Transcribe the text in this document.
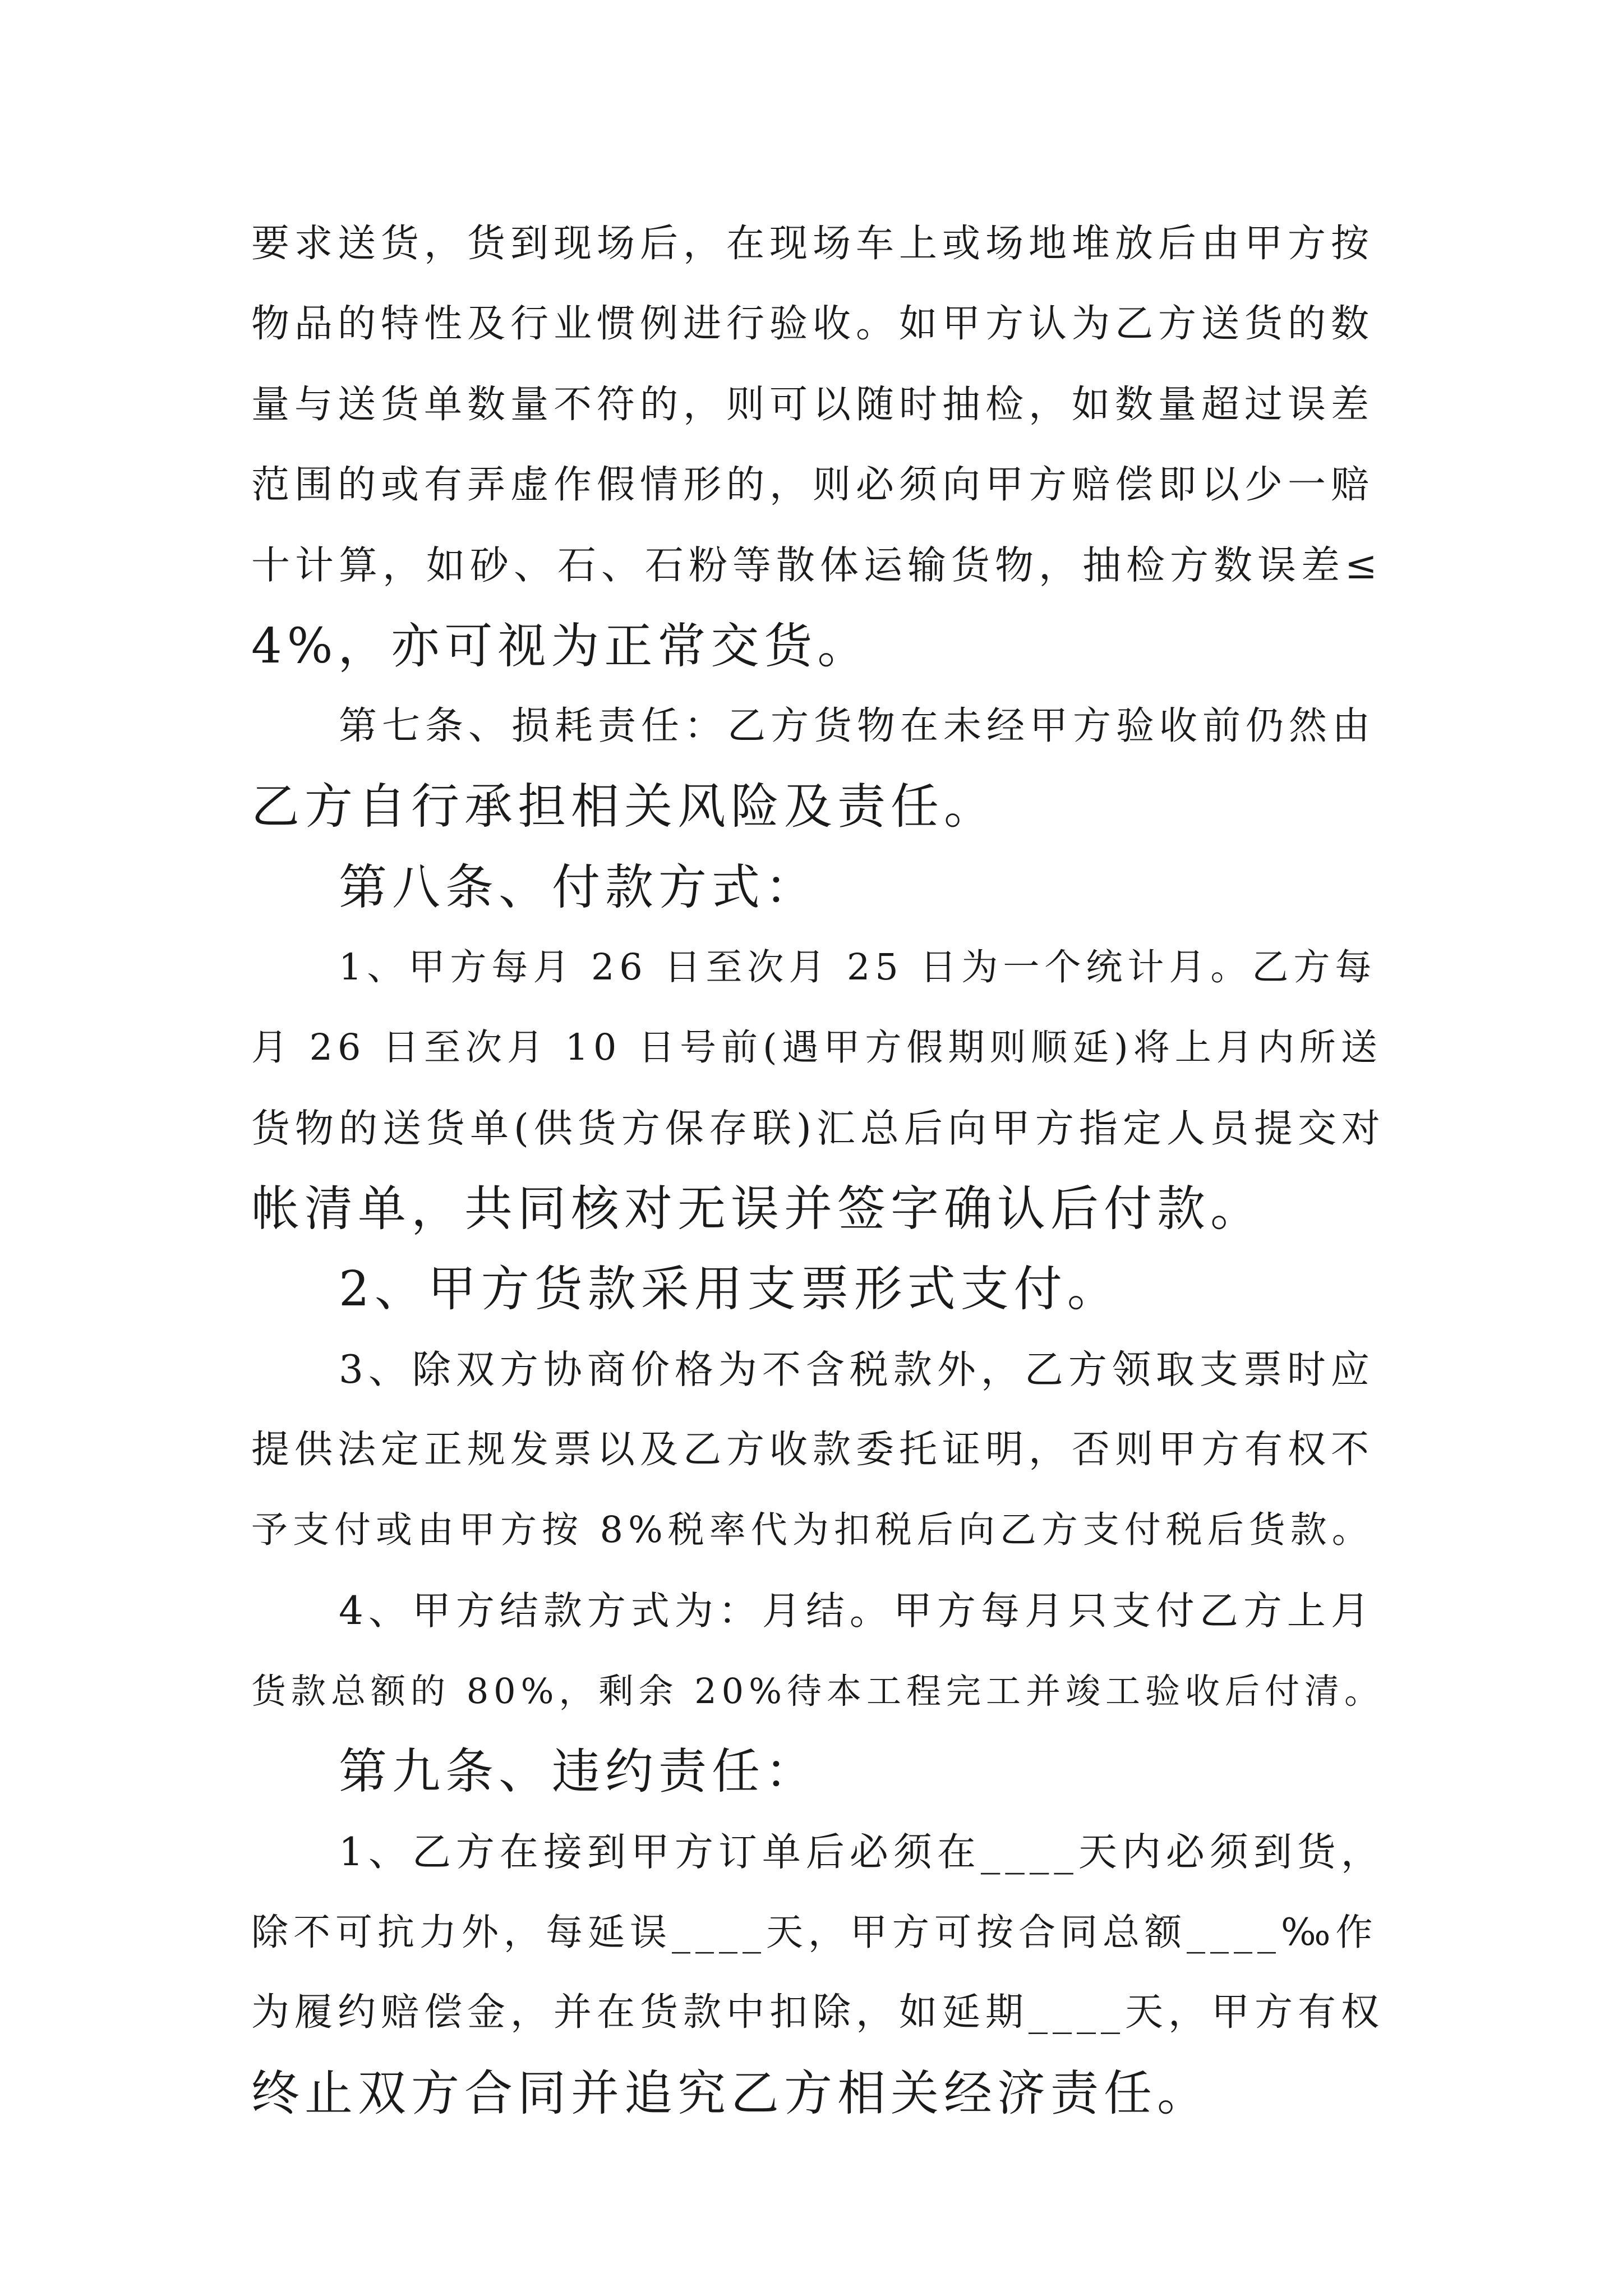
要求送货，货到现场后，在现场车上或场地堆放后由甲方按
物品的特性及行业惯例进行验收。如甲方认为乙方送货的数
量与送货单数量不符的，则可以随时抽检，如数量超过误差
范围的或有弄虚作假情形的，则必须向甲方赔偿即以少一赔
十计算，如砂、石、石粉等散体运输货物，抽检方数误差≤
4%，亦可视为正常交货。
第七条、损耗责任：乙方货物在未经甲方验收前仍然由
乙方自行承担相关风险及责任。
第八条、付款方式：
1、甲方每月 26 日至次月 25 日为一个统计月。乙方每
月 26 日至次月 10 日号前(遇甲方假期则顺延)将上月内所送
货物的送货单(供货方保存联)汇总后向甲方指定人员提交对
帐清单，共同核对无误并签字确认后付款。
2、甲方货款采用支票形式支付。
3、除双方协商价格为不含税款外，乙方领取支票时应
提供法定正规发票以及乙方收款委托证明，否则甲方有权不
予支付或由甲方按 8%税率代为扣税后向乙方支付税后货款。
4、甲方结款方式为：月结。甲方每月只支付乙方上月
货款总额的 80%，剩余 20%待本工程完工并竣工验收后付清。
第九条、违约责任：
1、乙方在接到甲方订单后必须在____天内必须到货，
除不可抗力外，每延误____天，甲方可按合同总额____‰作
为履约赔偿金，并在货款中扣除，如延期____天，甲方有权
终止双方合同并追究乙方相关经济责任。
